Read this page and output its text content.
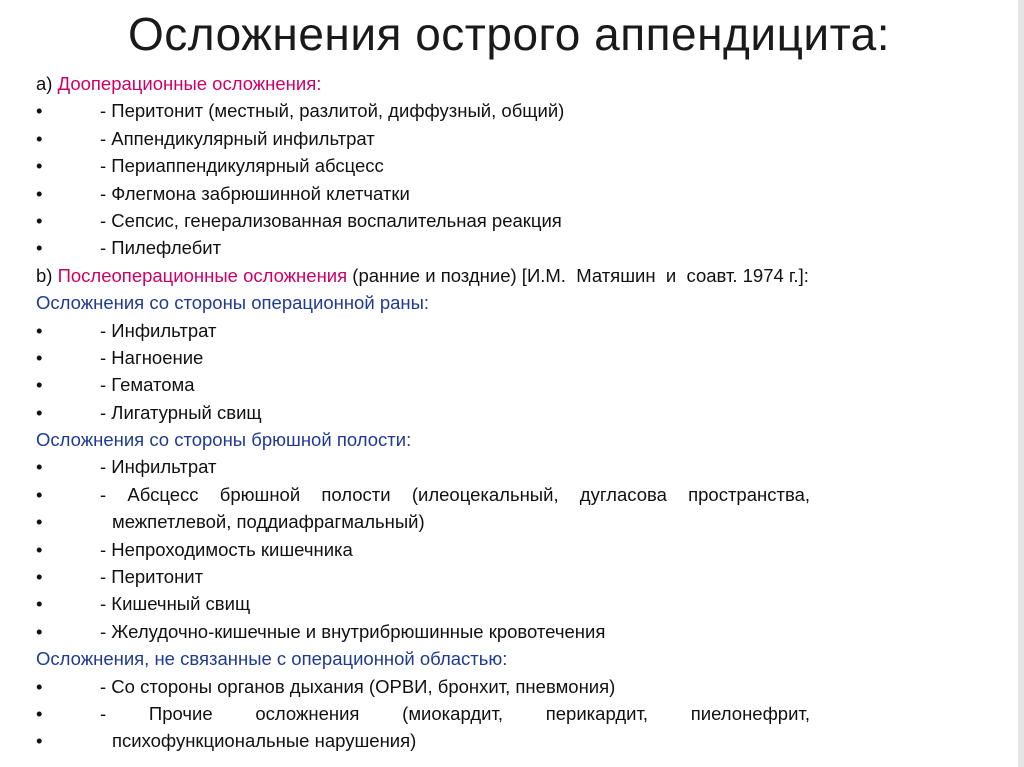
Осложнения острого аппендицита:
a) Дооперационные осложнения:
•	- Перитонит (местный, разлитой, диффузный, общий)
•	- Аппендикулярный инфильтрат
•	- Периаппендикулярный абсцесс
•	- Флегмона забрюшинной клетчатки
•	- Сепсис, генерализованная воспалительная реакция
•	- Пилефлебит
b) Послеоперационные осложнения (ранние и поздние) [И.М.  Матяшин  и  соавт. 1974 г.]:
Осложнения со стороны операционной раны:
•	- Инфильтрат
•	- Нагноение
•	- Гематома
•	- Лигатурный свищ
Осложнения со стороны брюшной полости:
•	- Инфильтрат
•	- Абсцесс брюшной полости (илеоцекальный, дугласова пространства,
•	межпетлевой, поддиафрагмальный)
•	- Непроходимость кишечника
•	- Перитонит
•	- Кишечный свищ
•	- Желудочно-кишечные и внутрибрюшинные кровотечения
Осложнения, не связанные с операционной областью:
•	- Со стороны органов дыхания (ОРВИ, бронхит, пневмония)
•	- Прочие осложнения (миокардит, перикардит, пиелонефрит,
•	психофункциональные нарушения)
